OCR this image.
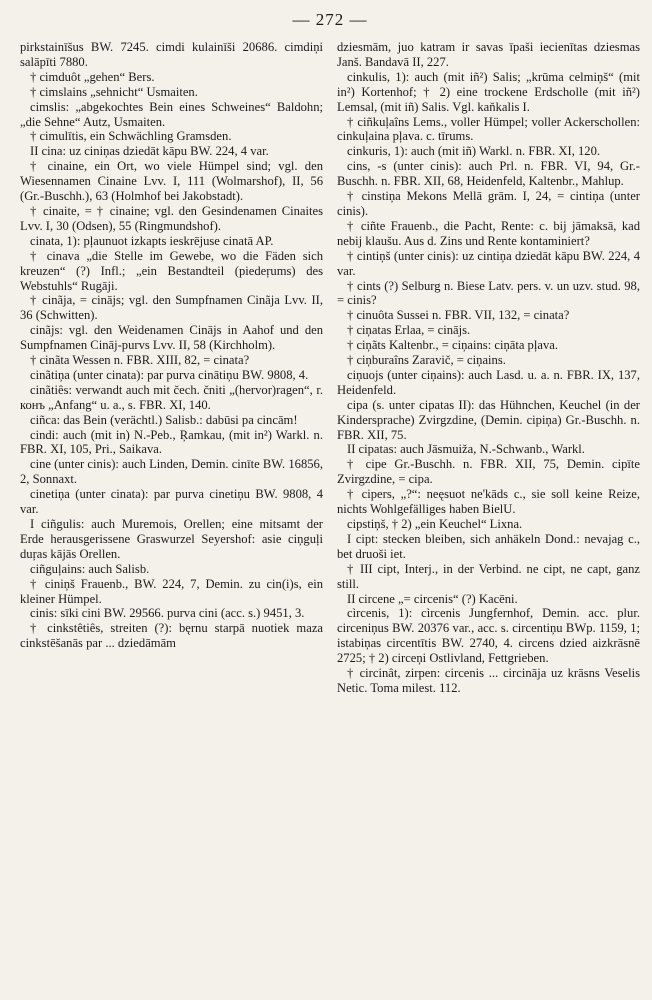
— 272 —

pirkstainīšus BW. 7245. cimdi kulainīši 20686. cimdiņi salāpīti 7880.

† cimduôt „gehen“ Bers.

† cimslains „sehnicht“ Usmaiten.

cimslis: „abgekochtes Bein eines Schweines“ Baldohn; „die Sehne“ Autz, Usmaiten.

† cimulītis, ein Schwächling Gramsden.

II cina: uz ciniņas dziedāt kāpu BW. 224, 4 var.

† cinaine, ein Ort, wo viele Hümpel sind; vgl. den Wiesennamen Cinaine Lvv. I, 111 (Wolmarshof), II, 56 (Gr.-Buschh.), 63 (Holmhof bei Jakobstadt).

† cinaite, = † cinaine; vgl. den Gesindenamen Cinaites Lvv. I, 30 (Odsen), 55 (Ringmundshof).

cinata, 1): pļaunuot izkapts ieskrējuse cinatā AP.

† cinava „die Stelle im Gewebe, wo die Fäden sich kreuzen“ (?) Infl.; „ein Bestandteil (piedeŗums) des Webstuhls“ Rugāji.

† cinãja, = cinājs; vgl. den Sumpfnamen Cinãja Lvv. II, 36 (Schwitten).

cinãjs: vgl. den Weidenamen Cinājs in Aahof und den Sumpfnamen Cināj-purvs Lvv. II, 58 (Kirchholm).

† cinãta Wessen n. FBR. XIII, 82, = cinata?

cinãtiņa (unter cinata): par purva cinātiņu BW. 9808, 4.

cinãtiês: verwandt auch mit čech. čniti „(hervor)ragen“, r. конъ „Anfang“ u. a., s. FBR. XI, 140.

ciñca: das Bein (verächtl.) Salisb.: dabūsi pa cincām!

cindi: auch (mit in) N.-Peb., Ŗamkau, (mit in²) Warkl. n. FBR. XI, 105, Pri., Saikava.

cine (unter cinis): auch Linden, Demin. cinīte BW. 16856, 2, Sonnaxt.

cinetiņa (unter cinata): par purva cinetiņu BW. 9808, 4 var.

I ciñgulis: auch Muremois, Orellen; eine mitsamt der Erde herausgerissene Graswurzel Seyershof: asie ciņguļi duŗas kājās Orellen.

ciñguļains: auch Salisb.

† ciniņš Frauenb., BW. 224, 7, Demin. zu cin(i)s, ein kleiner Hümpel.

cinis: sīki cini BW. 29566. purva cini (acc. s.) 9451, 3.

† cinkstêtiês, streiten (?): bęrnu starpā nuotiek maza cinkstēšanās par ... dziedāmām

dziesmām, juo katram ir savas īpaši iecienītas dziesmas Janš. Bandavā II, 227.

cinkulis, 1): auch (mit iñ²) Salis; „krūma celmiņš“ (mit in²) Kortenhof; † 2) eine trockene Erdscholle (mit iñ²) Lemsal, (mit iñ) Salis. Vgl. kaňkalis I.

† ciñkuļaîns Lems., voller Hümpel; voller Ackerschollen: cinkuļaina pļava. c. tīrums.

cinkuris, 1): auch (mit iñ) Warkl. n. FBR. XI, 120.

cins, -s (unter cinis): auch Prl. n. FBR. VI, 94, Gr.-Buschh. n. FBR. XII, 68, Heidenfeld, Kaltenbr., Mahlup.

† cinstiņa Mekons Mellā grām. I, 24, = cintiņa (unter cinis).

† ciñte Frauenb., die Pacht, Rente: c. bij jāmaksā, kad nebij klaušu. Aus d. Zins und Rente kontaminiert?

† cintiņš (unter cinis): uz cintiņa dziedāt kāpu BW. 224, 4 var.

† cints (?) Selburg n. Biese Latv. pers. v. un uzv. stud. 98, = cinis?

† cinuôta Sussei n. FBR. VII, 132, = cinata?

† ciņatas Erlaa, = cinājs.

† ciņãts Kaltenbr., = ciņains: ciņāta pļava.

† ciņburaîns Zaravič, = ciņains.

ciņuojs (unter ciņains): auch Lasd. u. a. n. FBR. IX, 137, Heidenfeld.

cipa (s. unter cipatas II): das Hühnchen, Keuchel (in der Kindersprache) Zvirgzdine, (Demin. cipiņa) Gr.-Buschh. n. FBR. XII, 75.

II cipatas: auch Jāsmuiža, N.-Schwanb., Warkl.

† cipe Gr.-Buschh. n. FBR. XII, 75, Demin. cipīte Zvirgzdine, = cipa.

† cipers, „?“: neęsuot ne'kāds c., sie soll keine Reize, nichts Wohlgefälliges haben BielU.

cipstiņš, † 2) „ein Keuchel“ Lixna.

I cipt: stecken bleiben, sich anhäkeln Dond.: nevajag c., bet druoši iet.

† III cipt, Interj., in der Verbind. ne cipt, ne capt, ganz still.

II circene „= circenis“ (?) Kacēni.

cìrcenis, 1): cìrcenis Jungfernhof, Demin. acc. plur. circeniņus BW. 20376 var., acc. s. circentiņu BWp. 1159, 1; istabiņas circentītis BW. 2740, 4. circens dzied aizkrāsnē 2725; † 2) circeņi Ostlivland, Fettgrieben.

† circinât, zirpen: circenis ... circināja uz krāsns Veselis Netic. Toma milest. 112.
